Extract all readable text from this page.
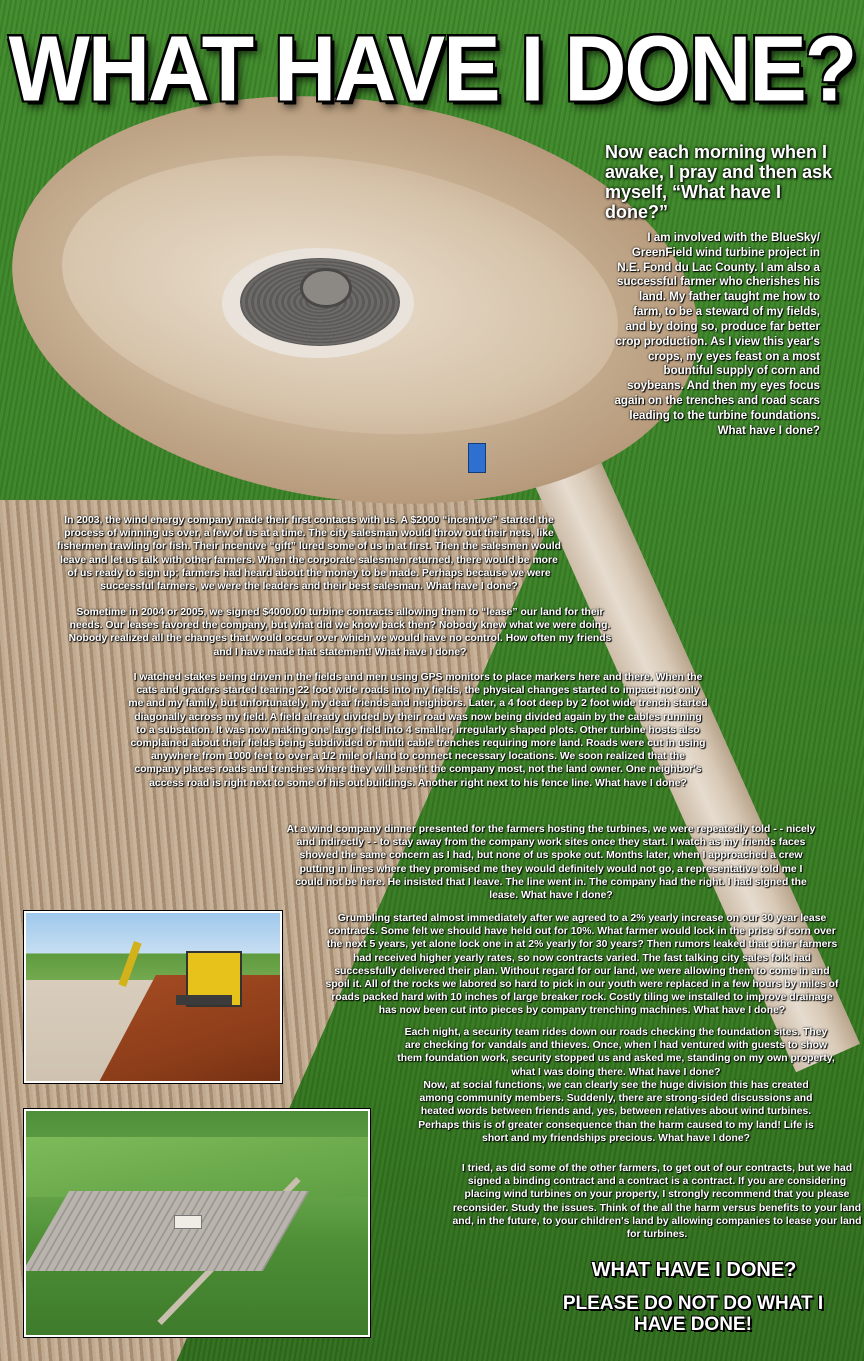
WHAT HAVE I DONE?
Now each morning when I awake, I pray and then ask myself, “What have I done?”
I am involved with the BlueSky/ GreenField wind turbine project in N.E. Fond du Lac County. I am also a successful farmer who cherishes his land. My father taught me how to farm, to be a steward of my fields, and by doing so, produce far better crop production. As I view this year's crops, my eyes feast on a most bountiful supply of corn and soybeans. And then my eyes focus again on the trenches and road scars leading to the turbine foundations. What have I done?
In 2003, the wind energy company made their first contacts with us. A $2000 “incentive” started the process of winning us over, a few of us at a time. The city salesman would throw out their nets, like fishermen trawling for fish. Their incentive “gift” lured some of us in at first. Then the salesmen would leave and let us talk with other farmers. When the corporate salesmen returned, there would be more of us ready to sign up; farmers had heard about the money to be made. Perhaps because we were successful farmers, we were the leaders and their best salesman. What have I done?
Sometime in 2004 or 2005, we signed $4000.00 turbine contracts allowing them to “lease” our land for their needs. Our leases favored the company, but what did we know back then? Nobody knew what we were doing. Nobody realized all the changes that would occur over which we would have no control. How often my friends and I have made that statement! What have I done?
I watched stakes being driven in the fields and men using GPS monitors to place markers here and there. When the cats and graders started tearing 22 foot wide roads into my fields, the physical changes started to impact not only me and my family, but unfortunately, my dear friends and neighbors. Later, a 4 foot deep by 2 foot wide trench started diagonally across my field. A field already divided by their road was now being divided again by the cables running to a substation. It was now making one large field into 4 smaller, irregularly shaped plots. Other turbine hosts also complained about their fields being subdivided or multi cable trenches requiring more land. Roads were cut in using anywhere from 1000 feet to over a 1/2 mile of land to connect necessary locations. We soon realized that the company places roads and trenches where they will benefit the company most, not the land owner. One neighbor's access road is right next to some of his out buildings. Another right next to his fence line. What have I done?
At a wind company dinner presented for the farmers hosting the turbines, we were repeatedly told - - nicely and indirectly - - to stay away from the company work sites once they start. I watch as my friends faces showed the same concern as I had, but none of us spoke out. Months later, when I approached a crew putting in lines where they promised me they would definitely would not go, a representative told me I could not be here. He insisted that I leave. The line went in. The company had the right. I had signed the lease. What have I done?
Grumbling started almost immediately after we agreed to a 2% yearly increase on our 30 year lease contracts. Some felt we should have held out for 10%. What farmer would lock in the price of corn over the next 5 years, yet alone lock one in at 2% yearly for 30 years? Then rumors leaked that other farmers had received higher yearly rates, so now contracts varied. The fast talking city sales folk had successfully delivered their plan. Without regard for our land, we were allowing them to come in and spoil it. All of the rocks we labored so hard to pick in our youth were replaced in a few hours by miles of roads packed hard with 10 inches of large breaker rock. Costly tiling we installed to improve drainage has now been cut into pieces by company trenching machines. What have I done?
Each night, a security team rides down our roads checking the foundation sites. They are checking for vandals and thieves. Once, when I had ventured with guests to show them foundation work, security stopped us and asked me, standing on my own property, what I was doing there. What have I done?
Now, at social functions, we can clearly see the huge division this has created among community members. Suddenly, there are strong-sided discussions and heated words between friends and, yes, between relatives about wind turbines. Perhaps this is of greater consequence than the harm caused to my land! Life is short and my friendships precious. What have I done?
I tried, as did some of the other farmers, to get out of our contracts, but we had signed a binding contract and a contract is a contract. If you are considering placing wind turbines on your property, I strongly recommend that you please reconsider. Study the issues. Think of the all the harm versus benefits to your land and, in the future, to your children's land by allowing companies to lease your land for turbines.
WHAT HAVE I DONE?
PLEASE DO NOT DO WHAT I HAVE DONE!
